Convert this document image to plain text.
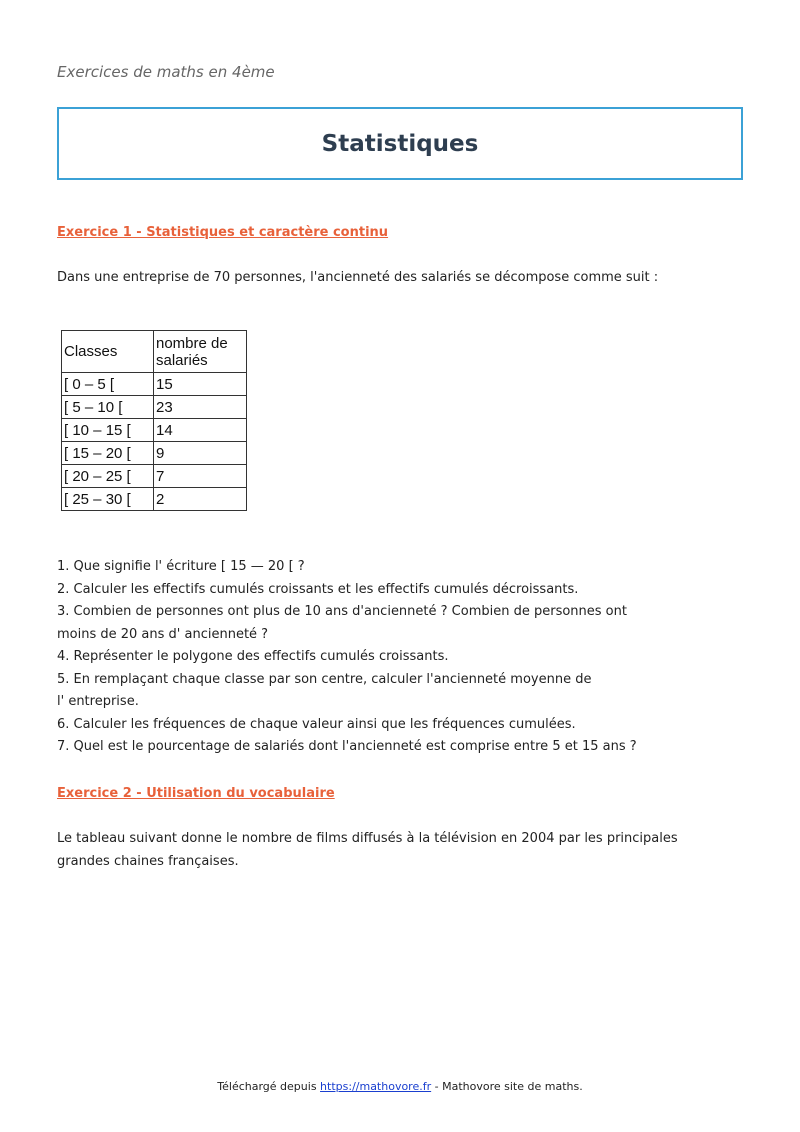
Exercices de maths en 4ème
Statistiques
Exercice 1 - Statistiques et caractère continu
Dans une entreprise de 70 personnes, l'ancienneté des salariés se décompose comme suit :
Classes	nombre de salariés
[ 0 – 5 [	15
[ 5 – 10 [	23
[ 10 – 15 [	14
[ 15 – 20 [	9
[ 20 – 25 [	7
[ 25 – 30 [	2

1. Que signifie l' écriture [ 15 — 20 [ ?

2. Calculer les effectifs cumulés croissants et les effectifs cumulés décroissants.

3. Combien de personnes ont plus de 10 ans d'ancienneté ? Combien de personnes ont

moins de 20 ans d' ancienneté ?

4. Représenter le polygone des effectifs cumulés croissants.

5. En remplaçant chaque classe par son centre, calculer l'ancienneté moyenne de

l' entreprise.

6. Calculer les fréquences de chaque valeur ainsi que les fréquences cumulées.

7. Quel est le pourcentage de salariés dont l'ancienneté est comprise entre 5 et 15 ans ?

Exercice 2 - Utilisation du vocabulaire

Le tableau suivant donne le nombre de films diffusés à la télévision en 2004 par les principales

grandes chaines françaises.

Téléchargé depuis https://mathovore.fr - Mathovore site de maths.
